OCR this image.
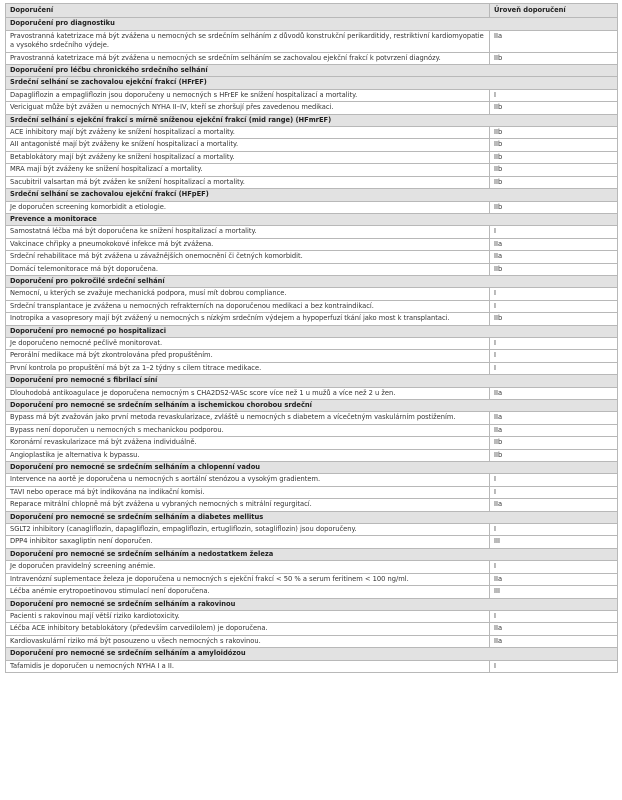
Doporučení	Úroveň doporučení
Doporučení pro diagnostiku	
Pravostranná katetrizace má být zvážena u nemocných se srdečním selháním z důvodů konstrukční perikarditidy, restriktivní kardiomyopatie a vysokého srdečního výdeje.	IIa
Pravostranná katetrizace má být zvážena u nemocných se srdečním selháním se zachovalou ejekční frakcí k potvrzení diagnózy.	IIb
Doporučení pro léčbu chronického srdečního selhání	
Srdeční selhání se zachovalou ejekční frakcí (HFrEF)	
Dapagliflozin a empagliflozin jsou doporučeny u nemocných s HFrEF ke snížení hospitalizací a mortality.	I
Vericiguat může být zvážen u nemocných NYHA II–IV, kteří se zhoršují přes zavedenou medikaci.	IIb
Srdeční selhání s ejekční frakcí s mírně sníženou ejekční frakcí (mid range) (HFmrEF)	
ACE inhibitory mají být zváženy ke snížení hospitalizací a mortality.	IIb
AII antagonisté mají být zváženy ke snížení hospitalizací a mortality.	IIb
Betablokátory mají být zváženy ke snížení hospitalizací a mortality.	IIb
MRA mají být zváženy ke snížení hospitalizací a mortality.	IIb
Sacubitril valsartan má být zvážen ke snížení hospitalizací a mortality.	IIb
Srdeční selhání se zachovalou ejekční frakcí (HFpEF)	
Je doporučen screening komorbidit a etiologie.	IIb
Prevence a monitorace	
Samostatná léčba má být doporučena ke snížení hospitalizací a mortality.	I
Vakcinace chřipky a pneumokokové infekce má být zvážena.	IIa
Srdeční rehabilitace má být zvážena u závažnějších onemocnění či četných komorbidit.	IIa
Domácí telemonitorace má být doporučena.	IIb
Doporučení pro pokročilé srdeční selhání	
Nemocní, u kterých se zvažuje mechanická podpora, musí mít dobrou compliance.	I
Srdeční transplantace je zvážena u nemocných refrakterních na doporučenou medikaci a bez kontraindikací.	I
Inotropika a vasopresory mají být zvážený u nemocných s nízkým srdečním výdejem a hypoperfuzí tkání jako most k transplantaci.	IIb
Doporučení pro nemocné po hospitalizaci	
Je doporučeno nemocné pečlivě monitorovat.	I
Perorální medikace má být zkontrolována před propuštěním.	I
První kontrola po propuštění má být za 1–2 týdny s cílem titrace medikace.	I
Doporučení pro nemocné s fibrilací síní	
Dlouhodobá antikoagulace je doporučena nemocným s CHA2DS2-VASc score více než 1 u mužů a více než 2 u žen.	IIa
Doporučení pro nemocné se srdečním selháním a ischemickou chorobou srdeční	
Bypass má být zvažován jako první metoda revaskularizace, zvláště u nemocných s diabetem a vícečetným vaskulárním postižením.	IIa
Bypass není doporučen u nemocných s mechanickou podporou.	IIa
Koronární revaskularizace má být zvážena individuálně.	IIb
Angioplastika je alternativa k bypassu.	IIb
Doporučení pro nemocné se srdečním selháním a chlopenní vadou	
Intervence na aortě je doporučena u nemocných s aortální stenózou a vysokým gradientem.	I
TAVI nebo operace má být indikována na indikační komisi.	I
Reparace mitrální chlopně má být zvážena u vybraných nemocných s mitrální regurgitací.	IIa
Doporučení pro nemocné se srdečním selháním a diabetes mellitus	
SGLT2 inhibitory (canagliflozin, dapagliflozin, empagliflozin, ertugliflozin, sotagliflozin) jsou doporučeny.	I
DPP4 inhibitor saxagliptin není doporučen.	III
Doporučení pro nemocné se srdečním selháním a nedostatkem železa	
Je doporučen pravidelný screening anémie.	I
Intravenózní suplementace železa je doporučena u nemocných s ejekční frakcí < 50 % a serum feritinem < 100 ng/ml.	IIa
Léčba anémie erytropoetinovou stimulací není doporučena.	III
Doporučení pro nemocné se srdečním selháním a rakovinou	
Pacienti s rakovinou mají větší riziko kardiotoxicity.	I
Léčba ACE inhibitory betablokátory (především carvedilolem) je doporučena.	IIa
Kardiovaskulární riziko má být posouzeno u všech nemocných s rakovinou.	IIa
Doporučení pro nemocné se srdečním selháním a amyloidózou	
Tafamidis je doporučen u nemocných NYHA I a II.	I
